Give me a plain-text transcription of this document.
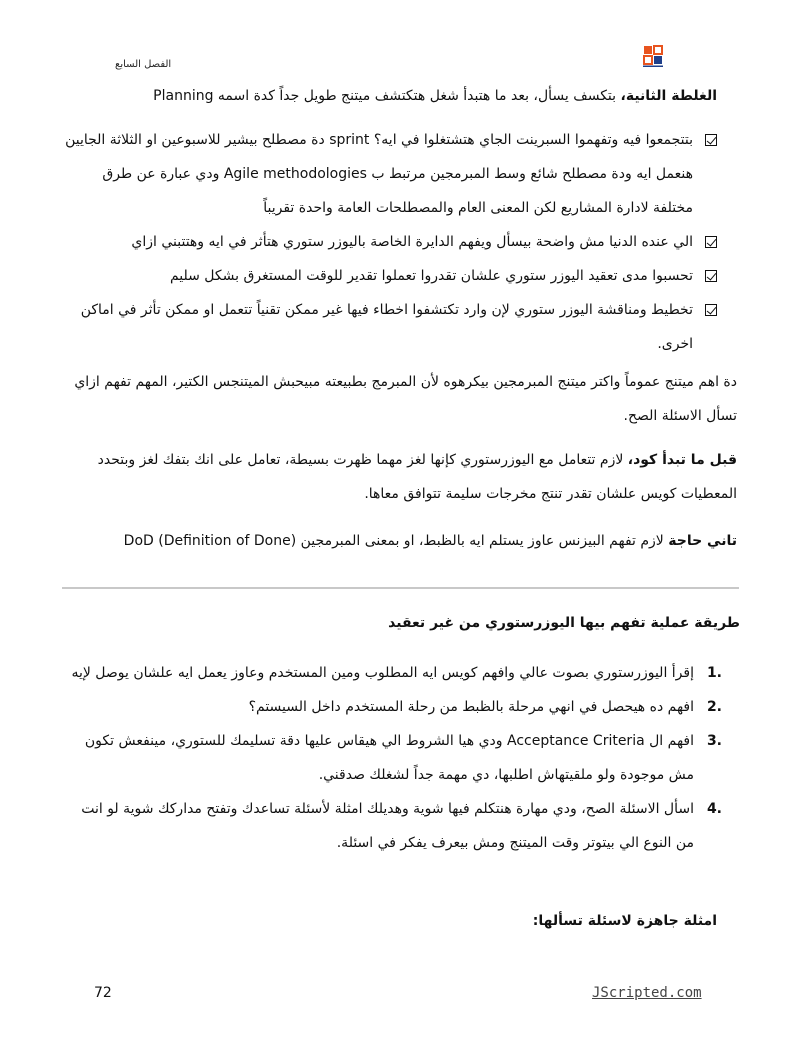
الفصل السابع
الغلطة الثانية، بتكسف يسأل، بعد ما هتبدأ شغل هتكتشف ميتنج طويل جداً كدة اسمه Planning
بتتجمعوا فيه وتفهموا السبرينت الجاي هتشتغلوا في ايه؟ sprint دة مصطلح بيشير للاسبوعين او الثلاثة الجايين هنعمل ايه ودة مصطلح شائع وسط المبرمجين مرتبط ب Agile methodologies ودي عبارة عن طرق مختلفة لادارة المشاريع لكن المعنى العام والمصطلحات العامة واحدة تقريباً
الي عنده الدنيا مش واضحة بيسأل ويفهم الدايرة الخاصة باليوزر ستوري هتأثر في ايه وهتتبني ازاي
تحسبوا مدى تعقيد اليوزر ستوري علشان تقدروا تعملوا تقدير للوقت المستغرق بشكل سليم
تخطيط ومناقشة اليوزر ستوري لإن وارد تكتشفوا اخطاء فيها غير ممكن تقنياً تتعمل او ممكن تأثر في اماكن اخرى.
دة اهم ميتنج عموماً واكتر ميتنج المبرمجين بيكرهوه لأن المبرمج بطبيعته مبيحبش الميتنجس الكتير، المهم تفهم ازاي تسأل الاسئلة الصح.
قبل ما تبدأ كود، لازم تتعامل مع اليوزرستوري كإنها لغز مهما ظهرت بسيطة، تعامل على انك بتفك لغز وبتحدد المعطيات كويس علشان تقدر تنتج مخرجات سليمة تتوافق معاها.
تاني حاجة لازم تفهم البيزنس عاوز يستلم ايه بالظبط، او بمعنى المبرمجين DoD (Definition of Done)
طريقة عملية تفهم بيها اليوزرستوري من غير تعقيد
1.
إقرأ اليوزرستوري بصوت عالي وافهم كويس ايه المطلوب ومين المستخدم وعاوز يعمل ايه علشان يوصل لإيه
2.
افهم ده هيحصل في انهي مرحلة بالظبط من رحلة المستخدم داخل السيستم؟
3.
افهم ال Acceptance Criteria ودي هيا الشروط الي هيقاس عليها دقة تسليمك للستوري، مينفعش تكون مش موجودة ولو ملقيتهاش اطلبها، دي مهمة جداً لشغلك صدقني.
4.
اسأل الاسئلة الصح، ودي مهارة هنتكلم فيها شوية وهديلك امثلة لأسئلة تساعدك وتفتح مداركك شوية لو انت من النوع الي بيتوتر وقت الميتنج ومش بيعرف يفكر في اسئلة.
امثلة جاهزة لاسئلة تسألها:
72	JScripted.com
